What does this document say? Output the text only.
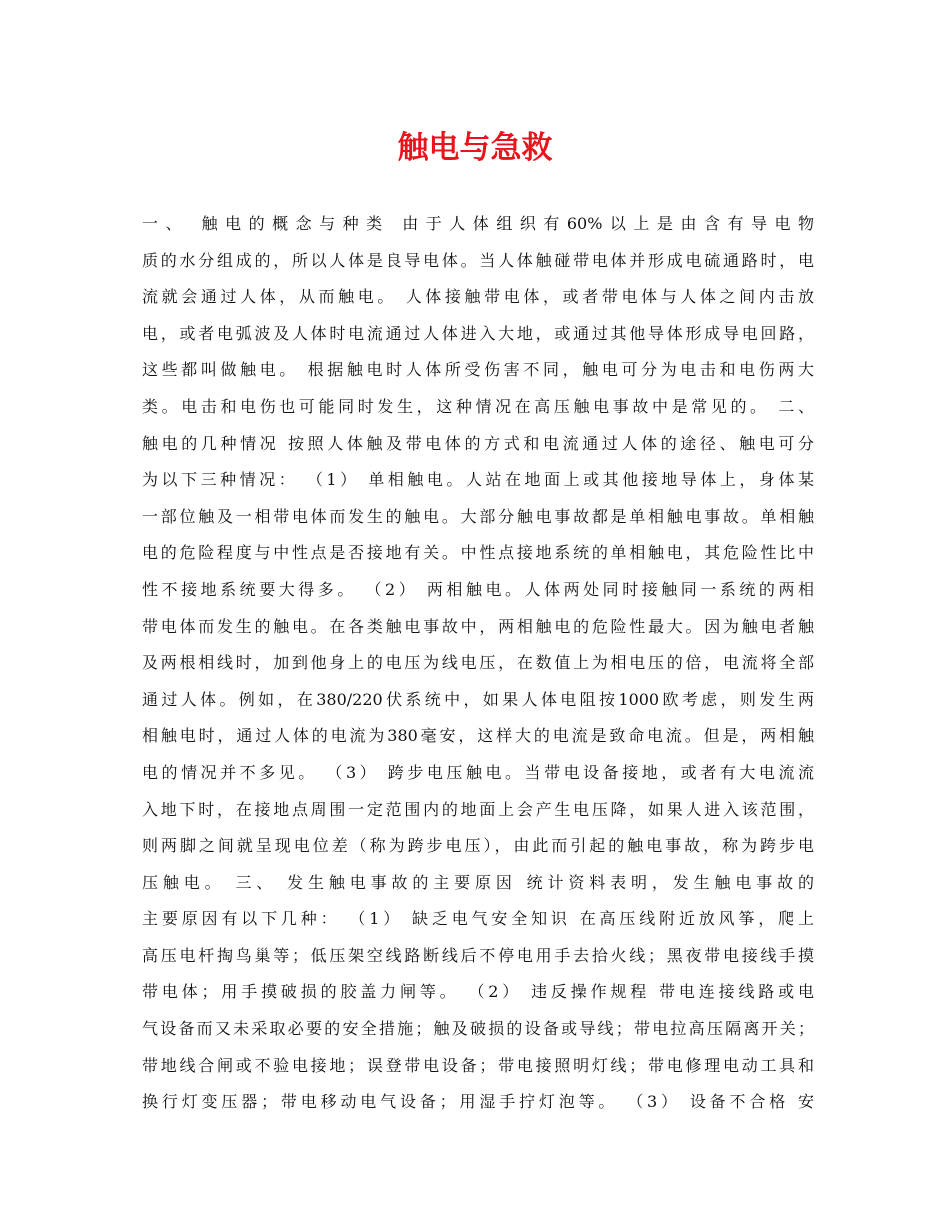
触电与急救
一、 触电的概念与种类 由于人体组织有60%以上是由含有导电物
质的水分组成的，所以人体是良导电体。当人体触碰带电体并形成电硫通路时，电
流就会通过人体，从而触电。 人体接触带电体，或者带电体与人体之间内击放
电，或者电弧波及人体时电流通过人体进入大地，或通过其他导体形成导电回路，
这些都叫做触电。 根据触电时人体所受伤害不同，触电可分为电击和电伤两大
类。电击和电伤也可能同时发生，这种情况在高压触电事故中是常见的。 二、
触电的几种情况 按照人体触及带电体的方式和电流通过人体的途径、触电可分
为以下三种情况： （1） 单相触电。人站在地面上或其他接地导体上，身体某
一部位触及一相带电体而发生的触电。大部分触电事故都是单相触电事故。单相触
电的危险程度与中性点是否接地有关。中性点接地系统的单相触电，其危险性比中
性不接地系统要大得多。 （2） 两相触电。人体两处同时接触同一系统的两相
带电体而发生的触电。在各类触电事故中，两相触电的危险性最大。因为触电者触
及两根相线时，加到他身上的电压为线电压，在数值上为相电压的倍，电流将全部
通过人体。例如，在380/220伏系统中，如果人体电阻按1000欧考虑，则发生两
相触电时，通过人体的电流为380毫安，这样大的电流是致命电流。但是，两相触
电的情况并不多见。 （3） 跨步电压触电。当带电设备接地，或者有大电流流
入地下时，在接地点周围一定范围内的地面上会产生电压降，如果人进入该范围，
则两脚之间就呈现电位差（称为跨步电压），由此而引起的触电事故，称为跨步电
压触电。 三、 发生触电事故的主要原因 统计资料表明，发生触电事故的
主要原因有以下几种： （1） 缺乏电气安全知识 在高压线附近放风筝，爬上
高压电杆掏鸟巢等；低压架空线路断线后不停电用手去拾火线；黑夜带电接线手摸
带电体；用手摸破损的胶盖力闸等。 （2） 违反操作规程 带电连接线路或电
气设备而又未采取必要的安全措施；触及破损的设备或导线；带电拉高压隔离开关；
带地线合闸或不验电接地；误登带电设备；带电接照明灯线；带电修理电动工具和
换行灯变压器；带电移动电气设备；用湿手拧灯泡等。 （3） 设备不合格 安
